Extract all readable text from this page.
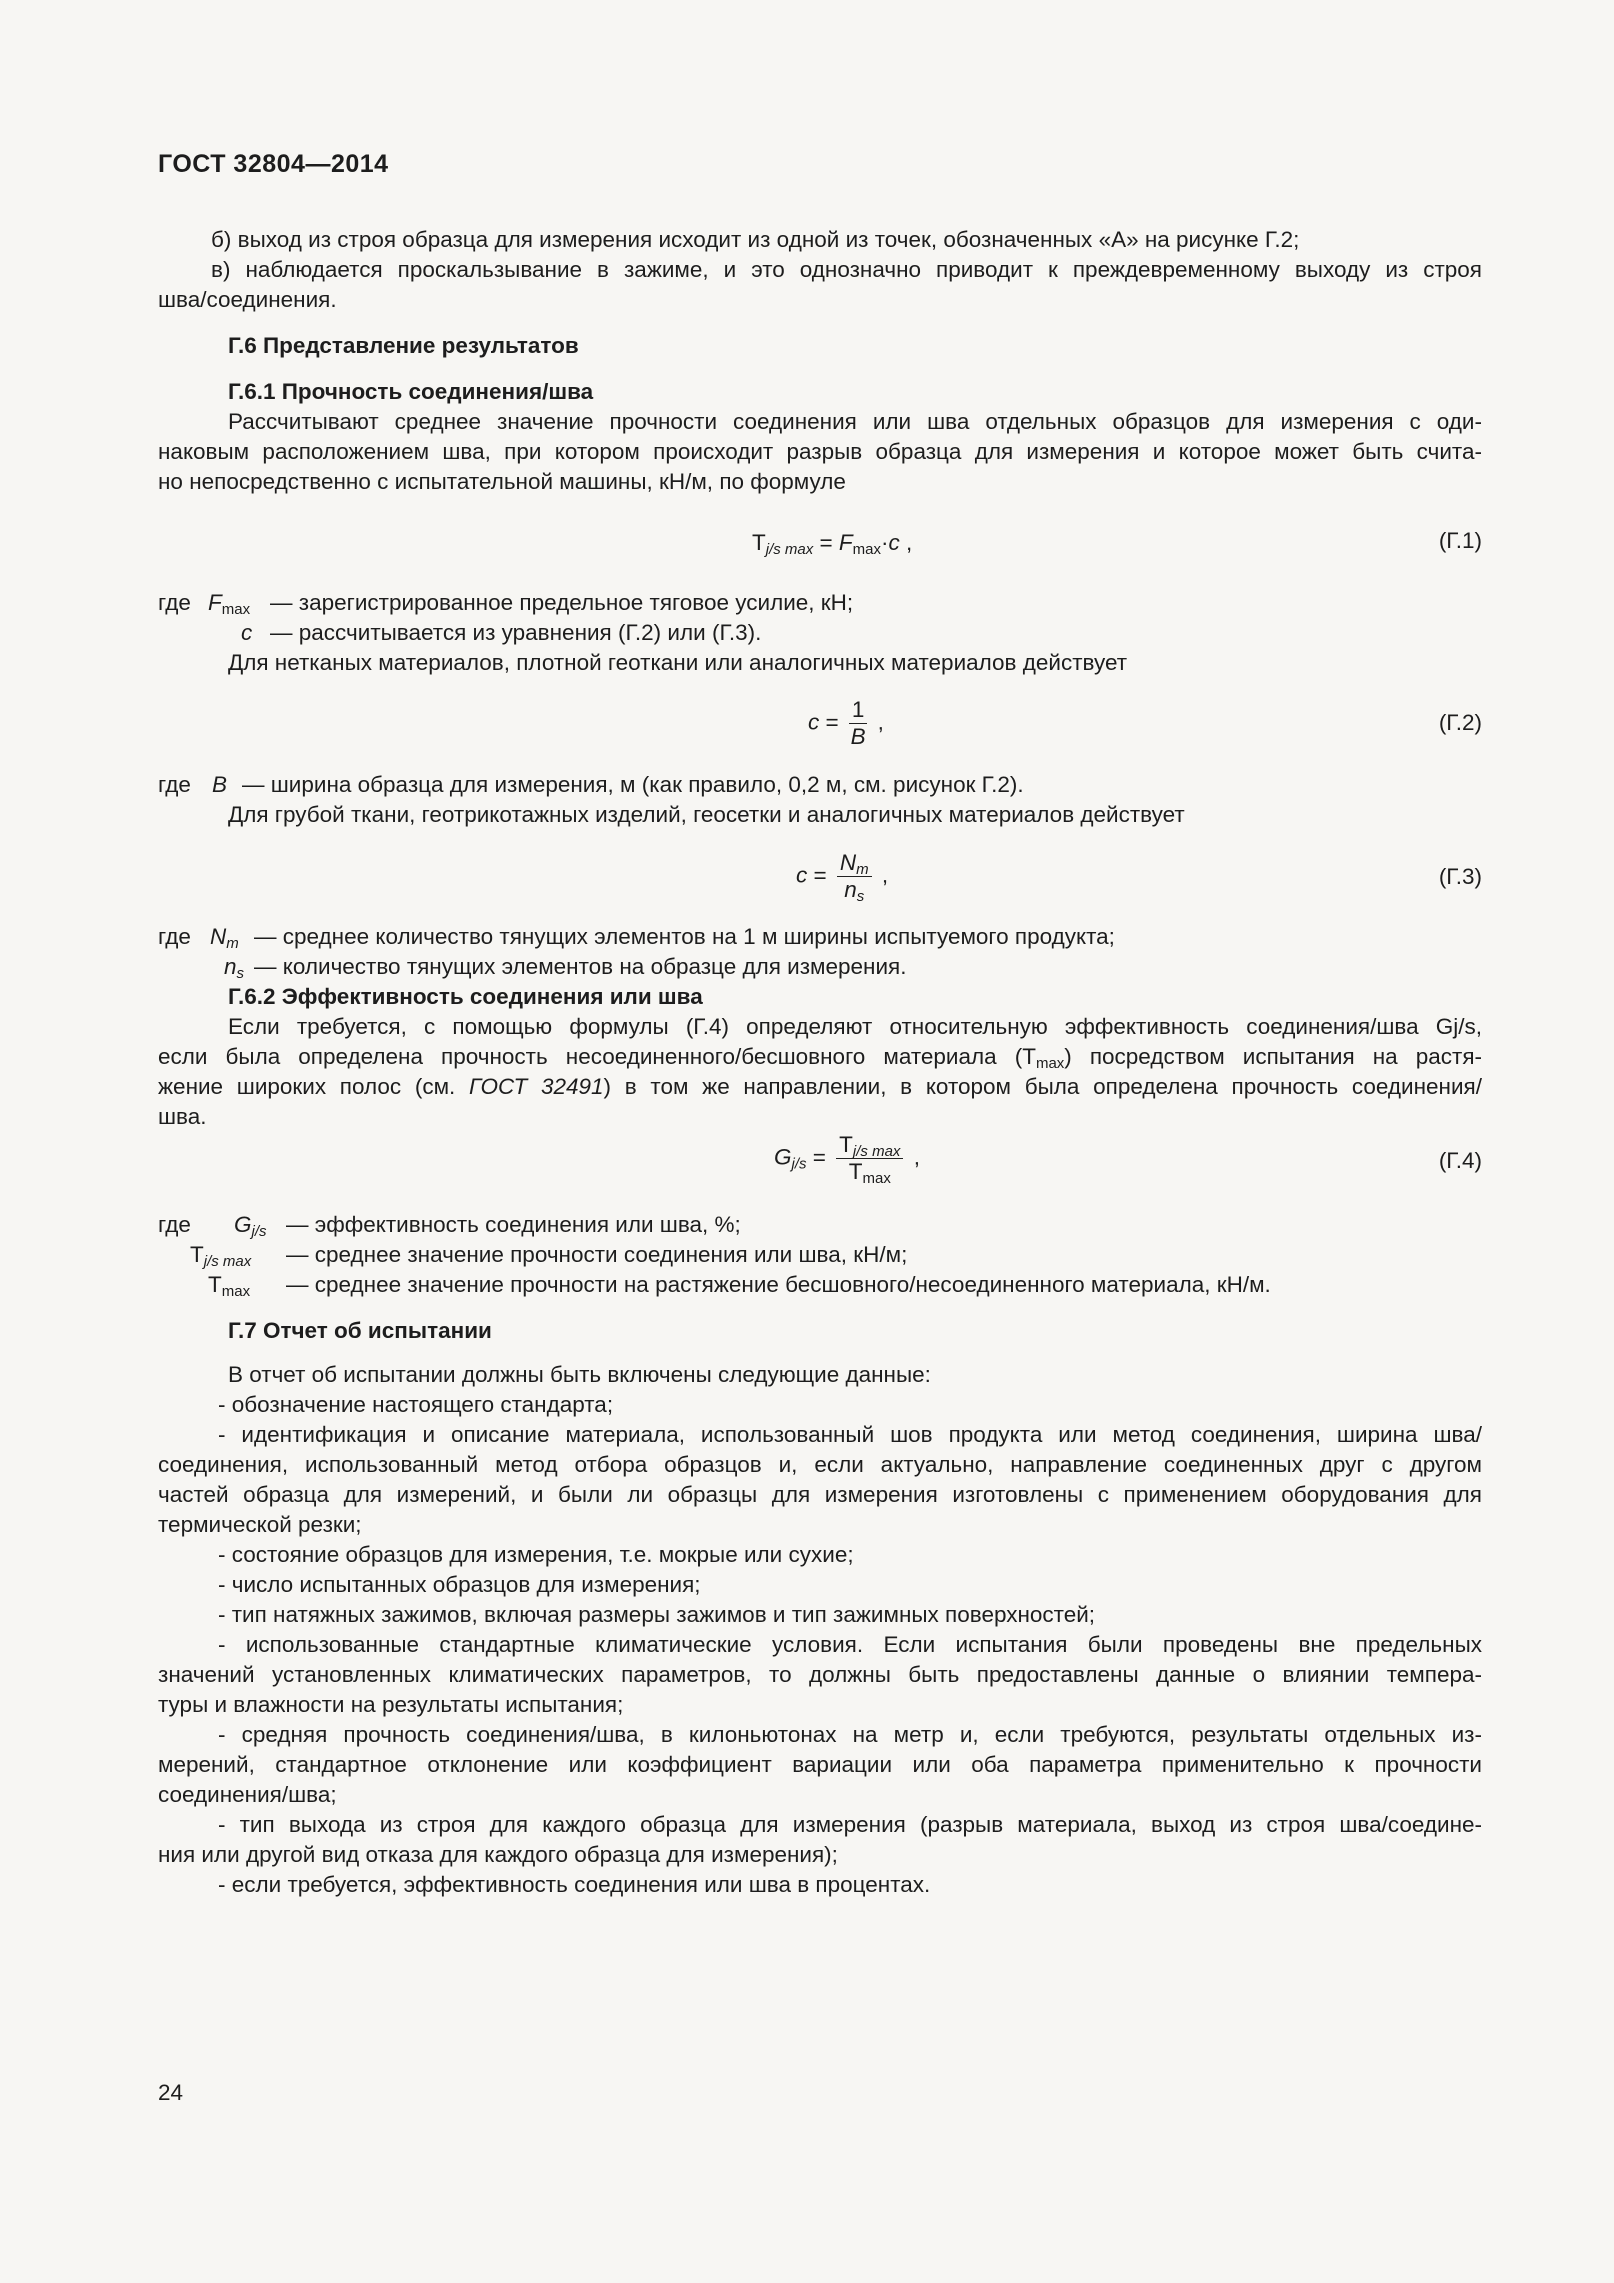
ГОСТ 32804—2014
б) выход из строя образца для измерения исходит из одной из точек, обозначенных «А» на рисунке Г.2;
в) наблюдается проскальзывание в зажиме, и это однозначно приводит к преждевременному выходу из строя
шва/соединения.
Г.6 Представление результатов
Г.6.1 Прочность соединения/шва
Рассчитывают среднее значение прочности соединения или шва отдельных образцов для измерения с оди-
наковым расположением шва, при котором происходит разрыв образца для измерения и которое может быть счита-
но непосредственно с испытательной машины, кН/м, по формуле
$T_{j/s max} = F_{max}\cdot c$ ,	(Г.1)
где $F_{max}$ — зарегистрированное предельное тяговое усилие, кН;
c — рассчитывается из уравнения (Г.2) или (Г.3).
Для нетканых материалов, плотной геоткани или аналогичных материалов действует
$c = \frac{1}{B}$ ,	(Г.2)
где B — ширина образца для измерения, м (как правило, 0,2 м, см. рисунок Г.2).
Для грубой ткани, геотрикотажных изделий, геосетки и аналогичных материалов действует
$c = \frac{N_m}{n_s}$ ,	(Г.3)
где $N_m$ — среднее количество тянущих элементов на 1 м ширины испытуемого продукта;
$n_s$ — количество тянущих элементов на образце для измерения.
Г.6.2 Эффективность соединения или шва
Если требуется, с помощью формулы (Г.4) определяют относительную эффективность соединения/шва Gj/s,
если была определена прочность несоединенного/бесшовного материала $(T_{max})$ посредством испытания на растя-
жение широких полос (см. ГОСТ 32491) в том же направлении, в котором была определена прочность соединения/
шва.
$G_{j/s} = \frac{T_{j/s max}}{T_{max}}$ ,	(Г.4)
где $G_{j/s}$ — эффективность соединения или шва, %;
$T_{j/s max}$ — среднее значение прочности соединения или шва, кН/м;
$T_{max}$ — среднее значение прочности на растяжение бесшовного/несоединенного материала, кН/м.
Г.7 Отчет об испытании
В отчет об испытании должны быть включены следующие данные:
- обозначение настоящего стандарта;
- идентификация и описание материала, использованный шов продукта или метод соединения, ширина шва/
соединения, использованный метод отбора образцов и, если актуально, направление соединенных друг с другом
частей образца для измерений, и были ли образцы для измерения изготовлены с применением оборудования для
термической резки;
- состояние образцов для измерения, т.е. мокрые или сухие;
- число испытанных образцов для измерения;
- тип натяжных зажимов, включая размеры зажимов и тип зажимных поверхностей;
- использованные стандартные климатические условия. Если испытания были проведены вне предельных
значений установленных климатических параметров, то должны быть предоставлены данные о влиянии темпера-
туры и влажности на результаты испытания;
- средняя прочность соединения/шва, в килоньютонах на метр и, если требуются, результаты отдельных из-
мерений, стандартное отклонение или коэффициент вариации или оба параметра применительно к прочности
соединения/шва;
- тип выхода из строя для каждого образца для измерения (разрыв материала, выход из строя шва/соедине-
ния или другой вид отказа для каждого образца для измерения);
- если требуется, эффективность соединения или шва в процентах.
24
